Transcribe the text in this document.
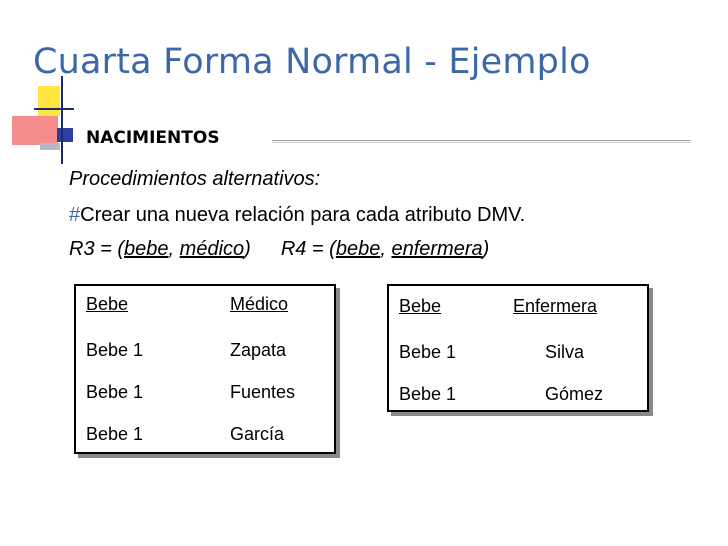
Cuarta Forma Normal - Ejemplo
NACIMIENTOS
Procedimientos alternativos:
#Crear una nueva relación para cada atributo DMV.
R3 = (bebe, médico) R4 = (bebe, enfermera)
Bebe	Médico
Bebe 1	Zapata
Bebe 1	Fuentes
Bebe 1	García
Bebe	Enfermera
Bebe 1	Silva
Bebe 1	Gómez
